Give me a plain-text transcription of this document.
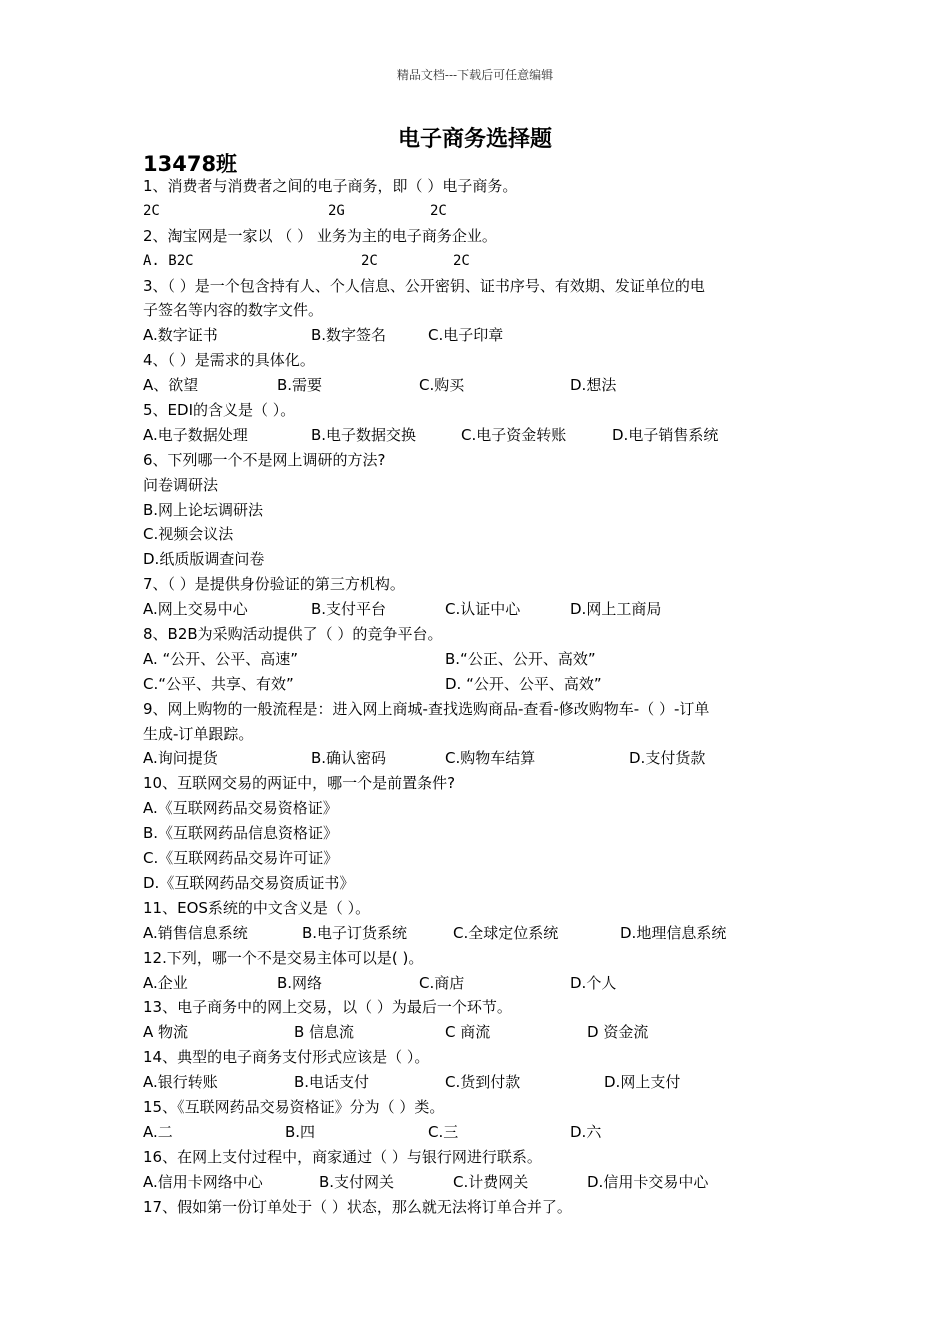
精品文档---下载后可任意编辑
电子商务选择题
13478班
1、消费者与消费者之间的电子商务，即（ ）电子商务。
2C	2G	2C
2、淘宝网是一家以 （ ） 业务为主的电子商务企业。
A. B2C	2C	2C
3、（ ）是一个包含持有人、个人信息、公开密钥、证书序号、有效期、发证单位的电
子签名等内容的数字文件。
A.数字证书	B.数字签名	C.电子印章
4、（ ）是需求的具体化。
A、欲望	B.需要	C.购买	D.想法
5、EDI的含义是（ ）。
A.电子数据处理	B.电子数据交换	C.电子资金转账	D.电子销售系统
6、下列哪一个不是网上调研的方法?
问卷调研法
B.网上论坛调研法
C.视频会议法
D.纸质版调查问卷
7、（ ）是提供身份验证的第三方机构。
A.网上交易中心	B.支付平台	C.认证中心	D.网上工商局
8、B2B为采购活动提供了（ ）的竞争平台。
A. “公开、公平、高速”	B.“公正、公开、高效”
C.“公平、共享、有效”	D. “公开、公平、高效”
9、网上购物的一般流程是：进入网上商城-查找选购商品-查看-修改购物车-（ ）-订单
生成-订单跟踪。
A.询问提货	B.确认密码	C.购物车结算	D.支付货款
10、互联网交易的两证中，哪一个是前置条件?
A.《互联网药品交易资格证》
B.《互联网药品信息资格证》
C.《互联网药品交易许可证》
D.《互联网药品交易资质证书》
11、EOS系统的中文含义是（ ）。
A.销售信息系统	B.电子订货系统	C.全球定位系统	D.地理信息系统
12.下列，哪一个不是交易主体可以是( )。
A.企业	B.网络	C.商店	D.个人
13、电子商务中的网上交易，以（ ）为最后一个环节。
A 物流	B 信息流	C 商流	D 资金流
14、典型的电子商务支付形式应该是（ ）。
A.银行转账	B.电话支付	C.货到付款	D.网上支付
15、《互联网药品交易资格证》分为（ ）类。
A.二	B.四	C.三	D.六
16、在网上支付过程中，商家通过（ ）与银行网进行联系。
A.信用卡网络中心	B.支付网关	C.计费网关	D.信用卡交易中心
17、假如第一份订单处于（ ）状态，那么就无法将订单合并了。
